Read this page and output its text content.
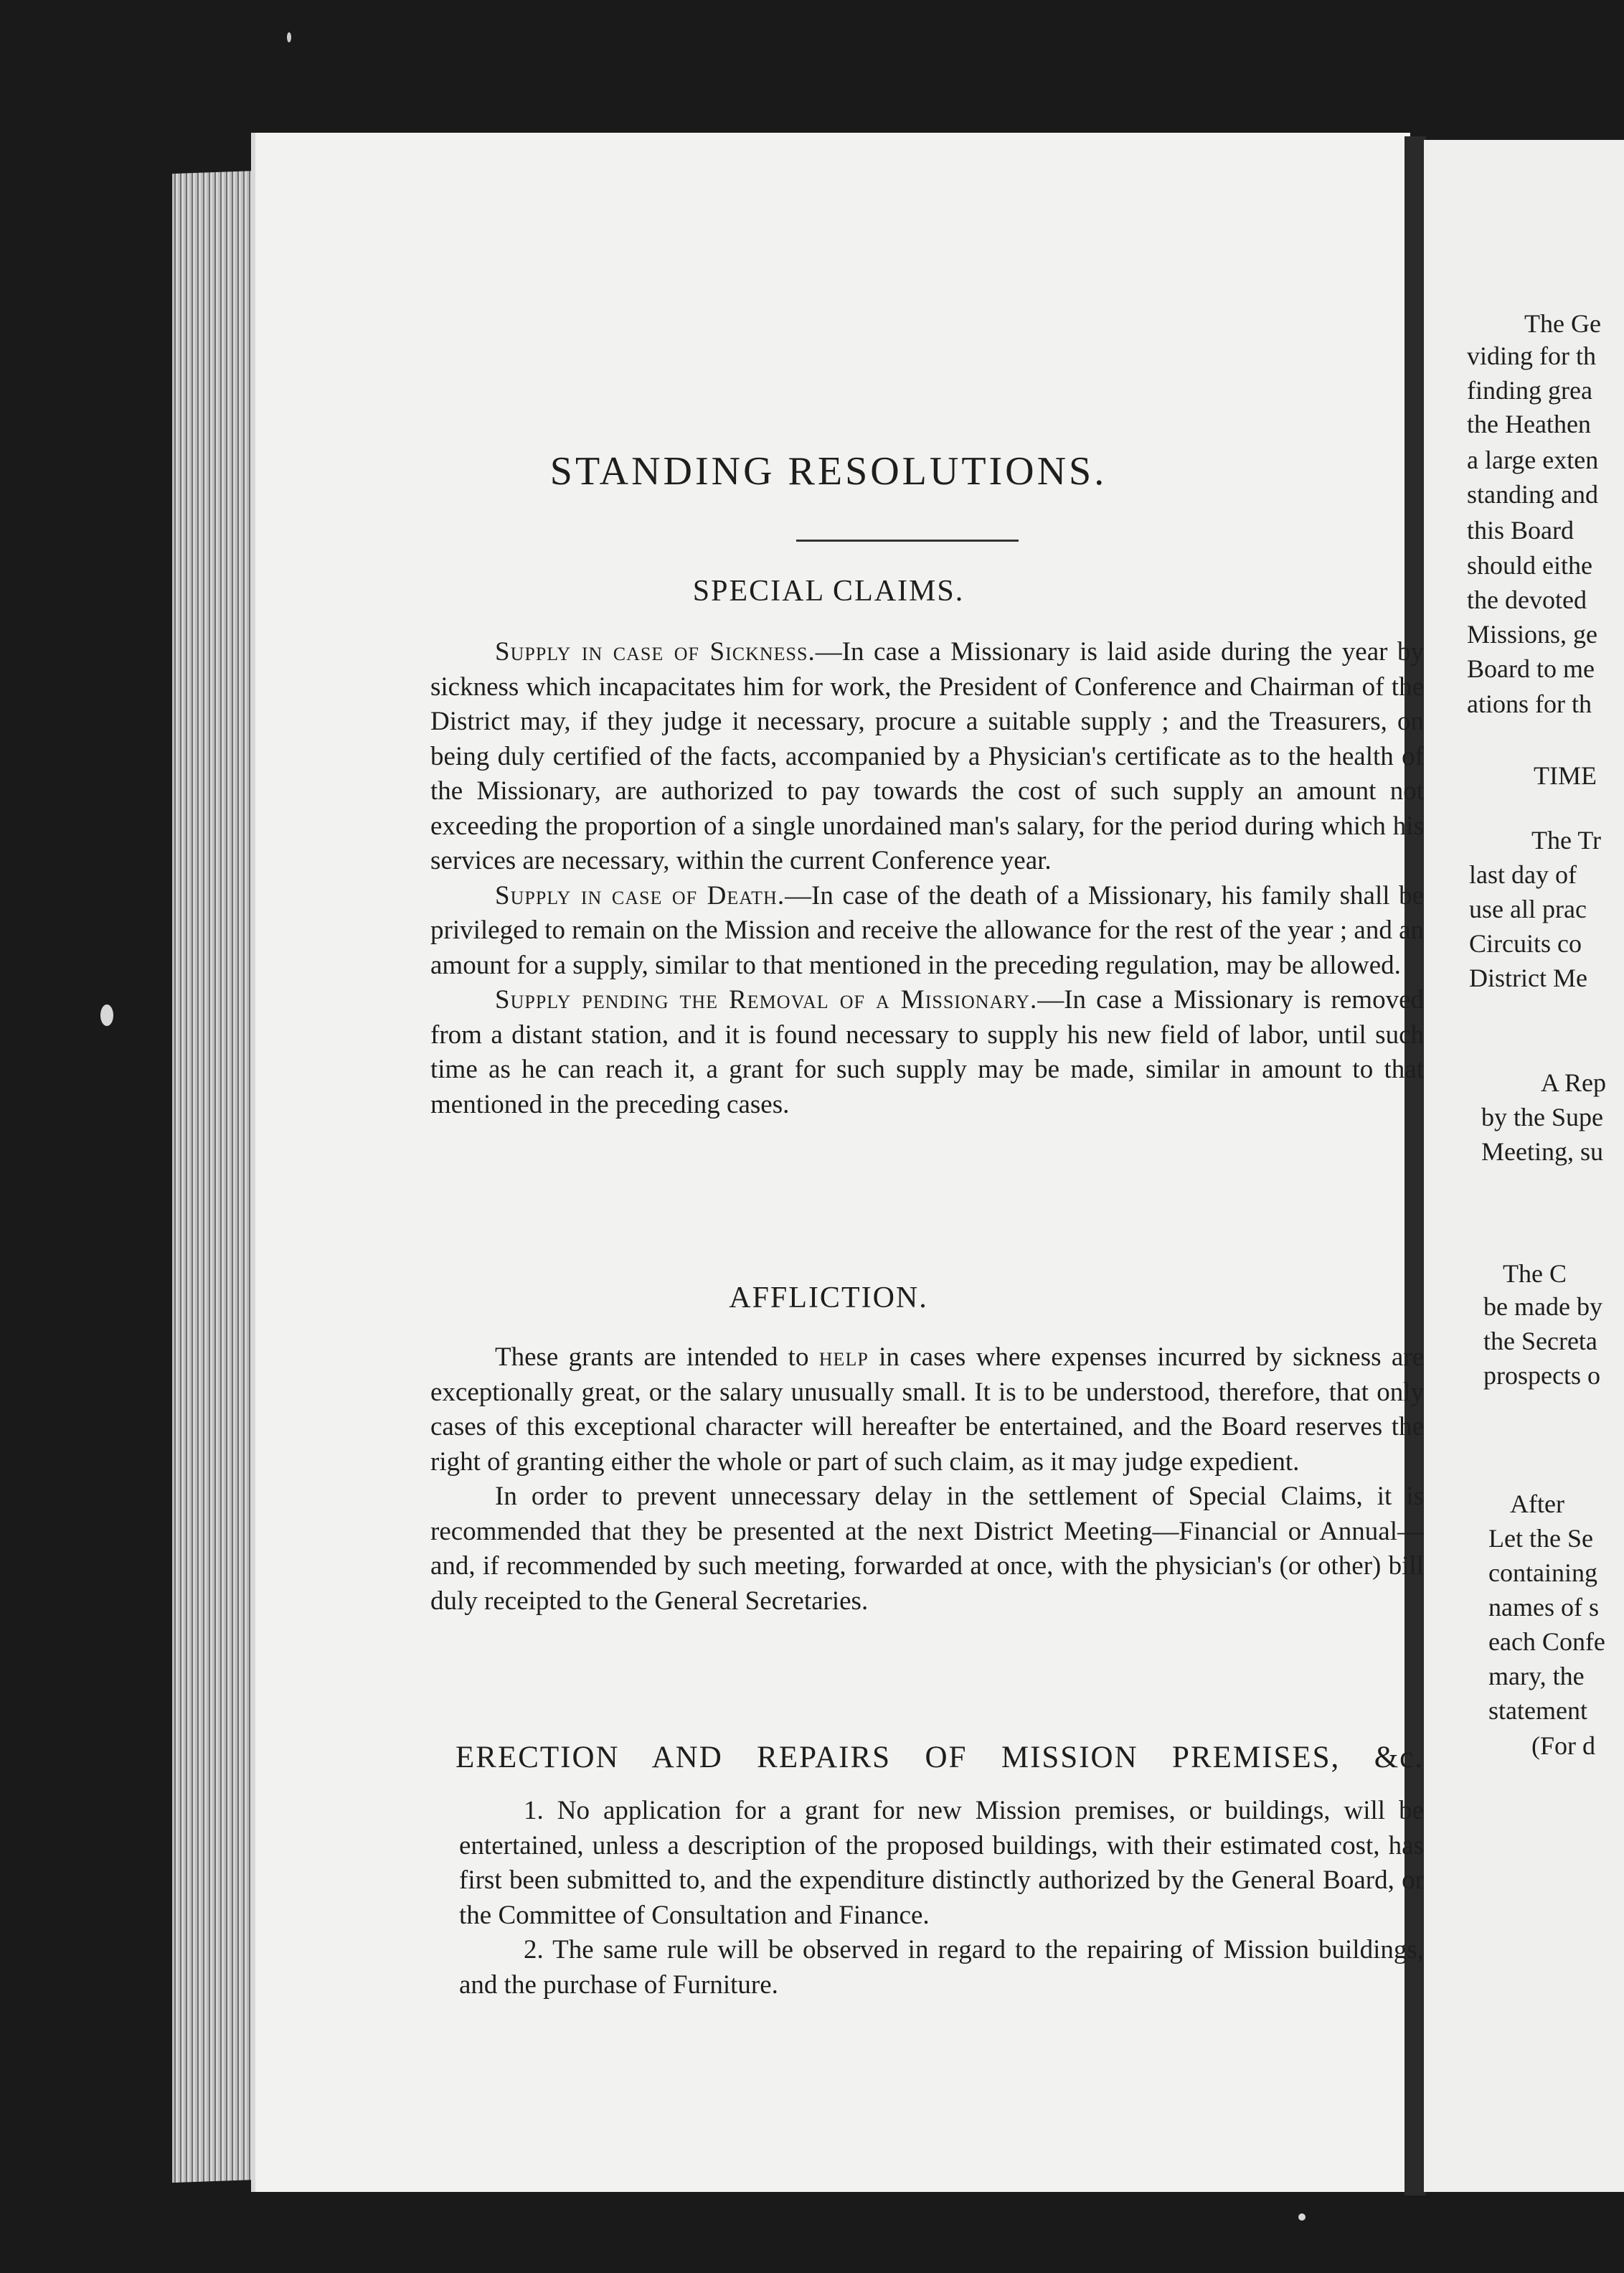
STANDING RESOLUTIONS.
SPECIAL CLAIMS.

Supply in case of Sickness.—In case a Missionary is laid aside during the year by sickness which incapacitates him for work, the President of Conference and Chairman of the District may, if they judge it necessary, procure a suitable supply ; and the Treasurers, on being duly certified of the facts, accompanied by a Physician's certificate as to the health of the Missionary, are authorized to pay towards the cost of such supply an amount not exceeding the proportion of a single unordained man's salary, for the period during which his services are necessary, within the current Conference year.

Supply in case of Death.—In case of the death of a Missionary, his family shall be privileged to remain on the Mission and receive the allowance for the rest of the year ; and an amount for a supply, similar to that mentioned in the preceding regulation, may be allowed.

Supply pending the Removal of a Missionary.—In case a Missionary is removed from a distant station, and it is found necessary to supply his new field of labor, until such time as he can reach it, a grant for such supply may be made, similar in amount to that mentioned in the preceding cases.

AFFLICTION.

These grants are intended to help in cases where expenses incurred by sickness are exceptionally great, or the salary unusually small. It is to be understood, therefore, that only cases of this exceptional character will hereafter be entertained, and the Board reserves the right of granting either the whole or part of such claim, as it may judge expedient.

In order to prevent unnecessary delay in the settlement of Special Claims, it is recommended that they be presented at the next District Meeting—Financial or Annual—and, if recommended by such meeting, forwarded at once, with the physician's (or other) bill duly receipted to the General Secretaries.

ERECTION AND REPAIRS OF MISSION PREMISES, &c.

1. No application for a grant for new Mission premises, or buildings, will be entertained, unless a description of the proposed buildings, with their estimated cost, has first been submitted to, and the expenditure distinctly authorized by the General Board, or the Committee of Consultation and Finance.

2. The same rule will be observed in regard to the repairing of Mission buildings, and the purchase of Furniture.

The Ge
viding for th
finding grea
the Heathen
a large exten
standing and
this Board
should eithe
the devoted
Missions, ge
Board to me
ations for th
TIME
The Tr
last day of
use all prac
Circuits co
District Me
A Rep
by the Supe
Meeting, su
The C
be made by
the Secreta
prospects o
After
Let the Se
containing
names of s
each Confe
mary, the
statement
(For d
